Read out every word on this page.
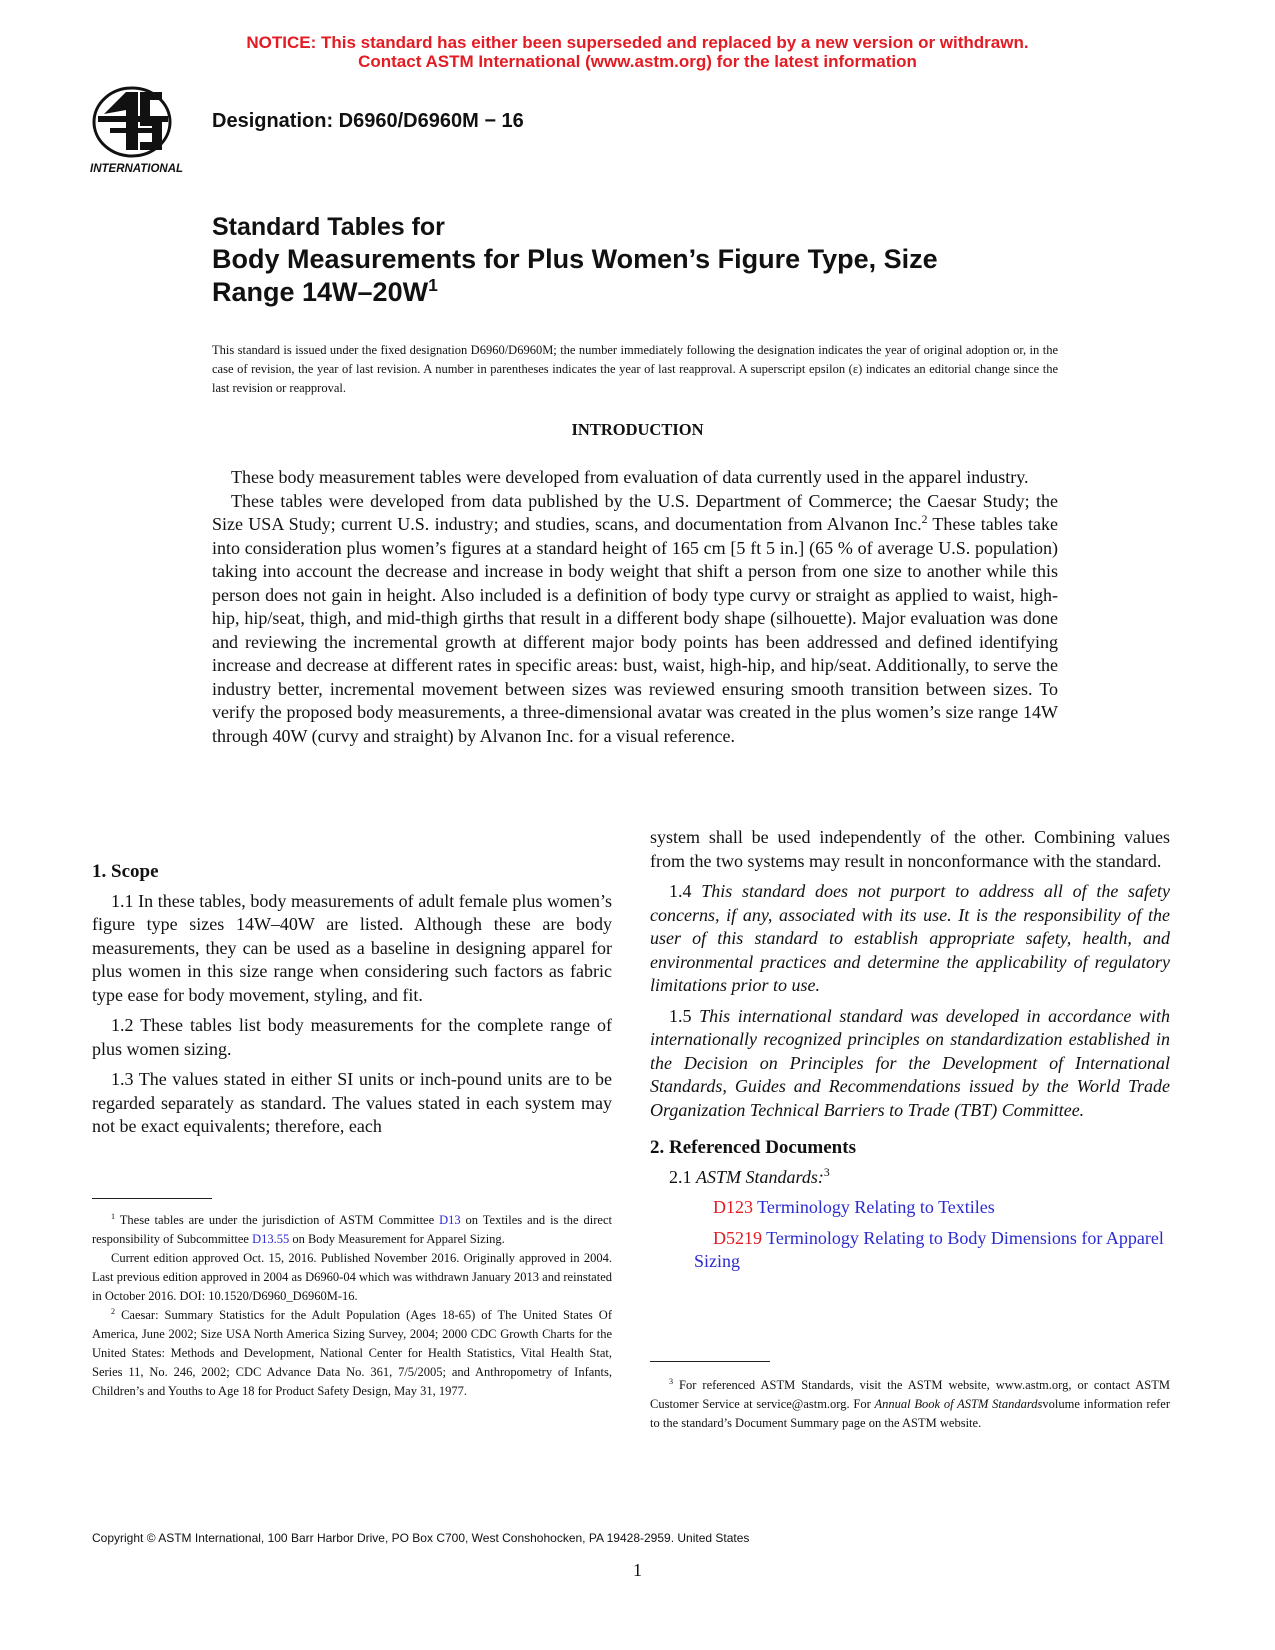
NOTICE: This standard has either been superseded and replaced by a new version or withdrawn.
Contact ASTM International (www.astm.org) for the latest information
INTERNATIONAL
Designation: D6960/D6960M − 16
Standard Tables for
Body Measurements for Plus Women’s Figure Type, Size
Range $14W-20W^1$
This standard is issued under the fixed designation D6960/D6960M; the number immediately following the designation indicates the year of original adoption or, in the case of revision, the year of last revision. A number in parentheses indicates the year of last reapproval. A superscript epsilon (ε) indicates an editorial change since the last revision or reapproval.
INTRODUCTION

These body measurement tables were developed from evaluation of data currently used in the apparel industry.

These tables were developed from data published by the U.S. Department of Commerce; the Caesar Study; the Size USA Study; current U.S. industry; and studies, scans, and documentation from Alvanon Inc.$^2$ These tables take into consideration plus women’s figures at a standard height of 165 cm [5 ft 5 in.] (65 % of average U.S. population) taking into account the decrease and increase in body weight that shift a person from one size to another while this person does not gain in height. Also included is a definition of body type curvy or straight as applied to waist, high-hip, hip/seat, thigh, and mid-thigh girths that result in a different body shape (silhouette). Major evaluation was done and reviewing the incremental growth at different major body points has been addressed and defined identifying increase and decrease at different rates in specific areas: bust, waist, high-hip, and hip/seat. Additionally, to serve the industry better, incremental movement between sizes was reviewed ensuring smooth transition between sizes. To verify the proposed body measurements, a three-dimensional avatar was created in the plus women’s size range 14W through 40W (curvy and straight) by Alvanon Inc. for a visual reference.

1. Scope

1.1 In these tables, body measurements of adult female plus women’s figure type sizes 14W–40W are listed. Although these are body measurements, they can be used as a baseline in designing apparel for plus women in this size range when considering such factors as fabric type ease for body movement, styling, and fit.

1.2 These tables list body measurements for the complete range of plus women sizing.

1.3 The values stated in either SI units or inch-pound units are to be regarded separately as standard. The values stated in each system may not be exact equivalents; therefore, each

system shall be used independently of the other. Combining values from the two systems may result in nonconformance with the standard.

1.4 This standard does not purport to address all of the safety concerns, if any, associated with its use. It is the responsibility of the user of this standard to establish appropriate safety, health, and environmental practices and determine the applicability of regulatory limitations prior to use.

1.5 This international standard was developed in accordance with internationally recognized principles on standardization established in the Decision on Principles for the Development of International Standards, Guides and Recommendations issued by the World Trade Organization Technical Barriers to Trade (TBT) Committee.

2. Referenced Documents

2.1 ASTM Standards:$^3$

D123 Terminology Relating to Textiles

D5219 Terminology Relating to Body Dimensions for Apparel Sizing

$^1$ These tables are under the jurisdiction of ASTM Committee D13 on Textiles and is the direct responsibility of Subcommittee D13.55 on Body Measurement for Apparel Sizing.

Current edition approved Oct. 15, 2016. Published November 2016. Originally approved in 2004. Last previous edition approved in 2004 as D6960-04 which was withdrawn January 2013 and reinstated in October 2016. DOI: 10.1520/D6960_D6960M-16.

$^2$ Caesar: Summary Statistics for the Adult Population (Ages 18-65) of The United States Of America, June 2002; Size USA North America Sizing Survey, 2004; 2000 CDC Growth Charts for the United States: Methods and Development, National Center for Health Statistics, Vital Health Stat, Series 11, No. 246, 2002; CDC Advance Data No. 361, 7/5/2005; and Anthropometry of Infants, Children’s and Youths to Age 18 for Product Safety Design, May 31, 1977.

$^3$ For referenced ASTM Standards, visit the ASTM website, www.astm.org, or contact ASTM Customer Service at service@astm.org. For Annual Book of ASTM Standardsvolume information refer to the standard’s Document Summary page on the ASTM website.

Copyright © ASTM International, 100 Barr Harbor Drive, PO Box C700, West Conshohocken, PA 19428-2959. United States
1
